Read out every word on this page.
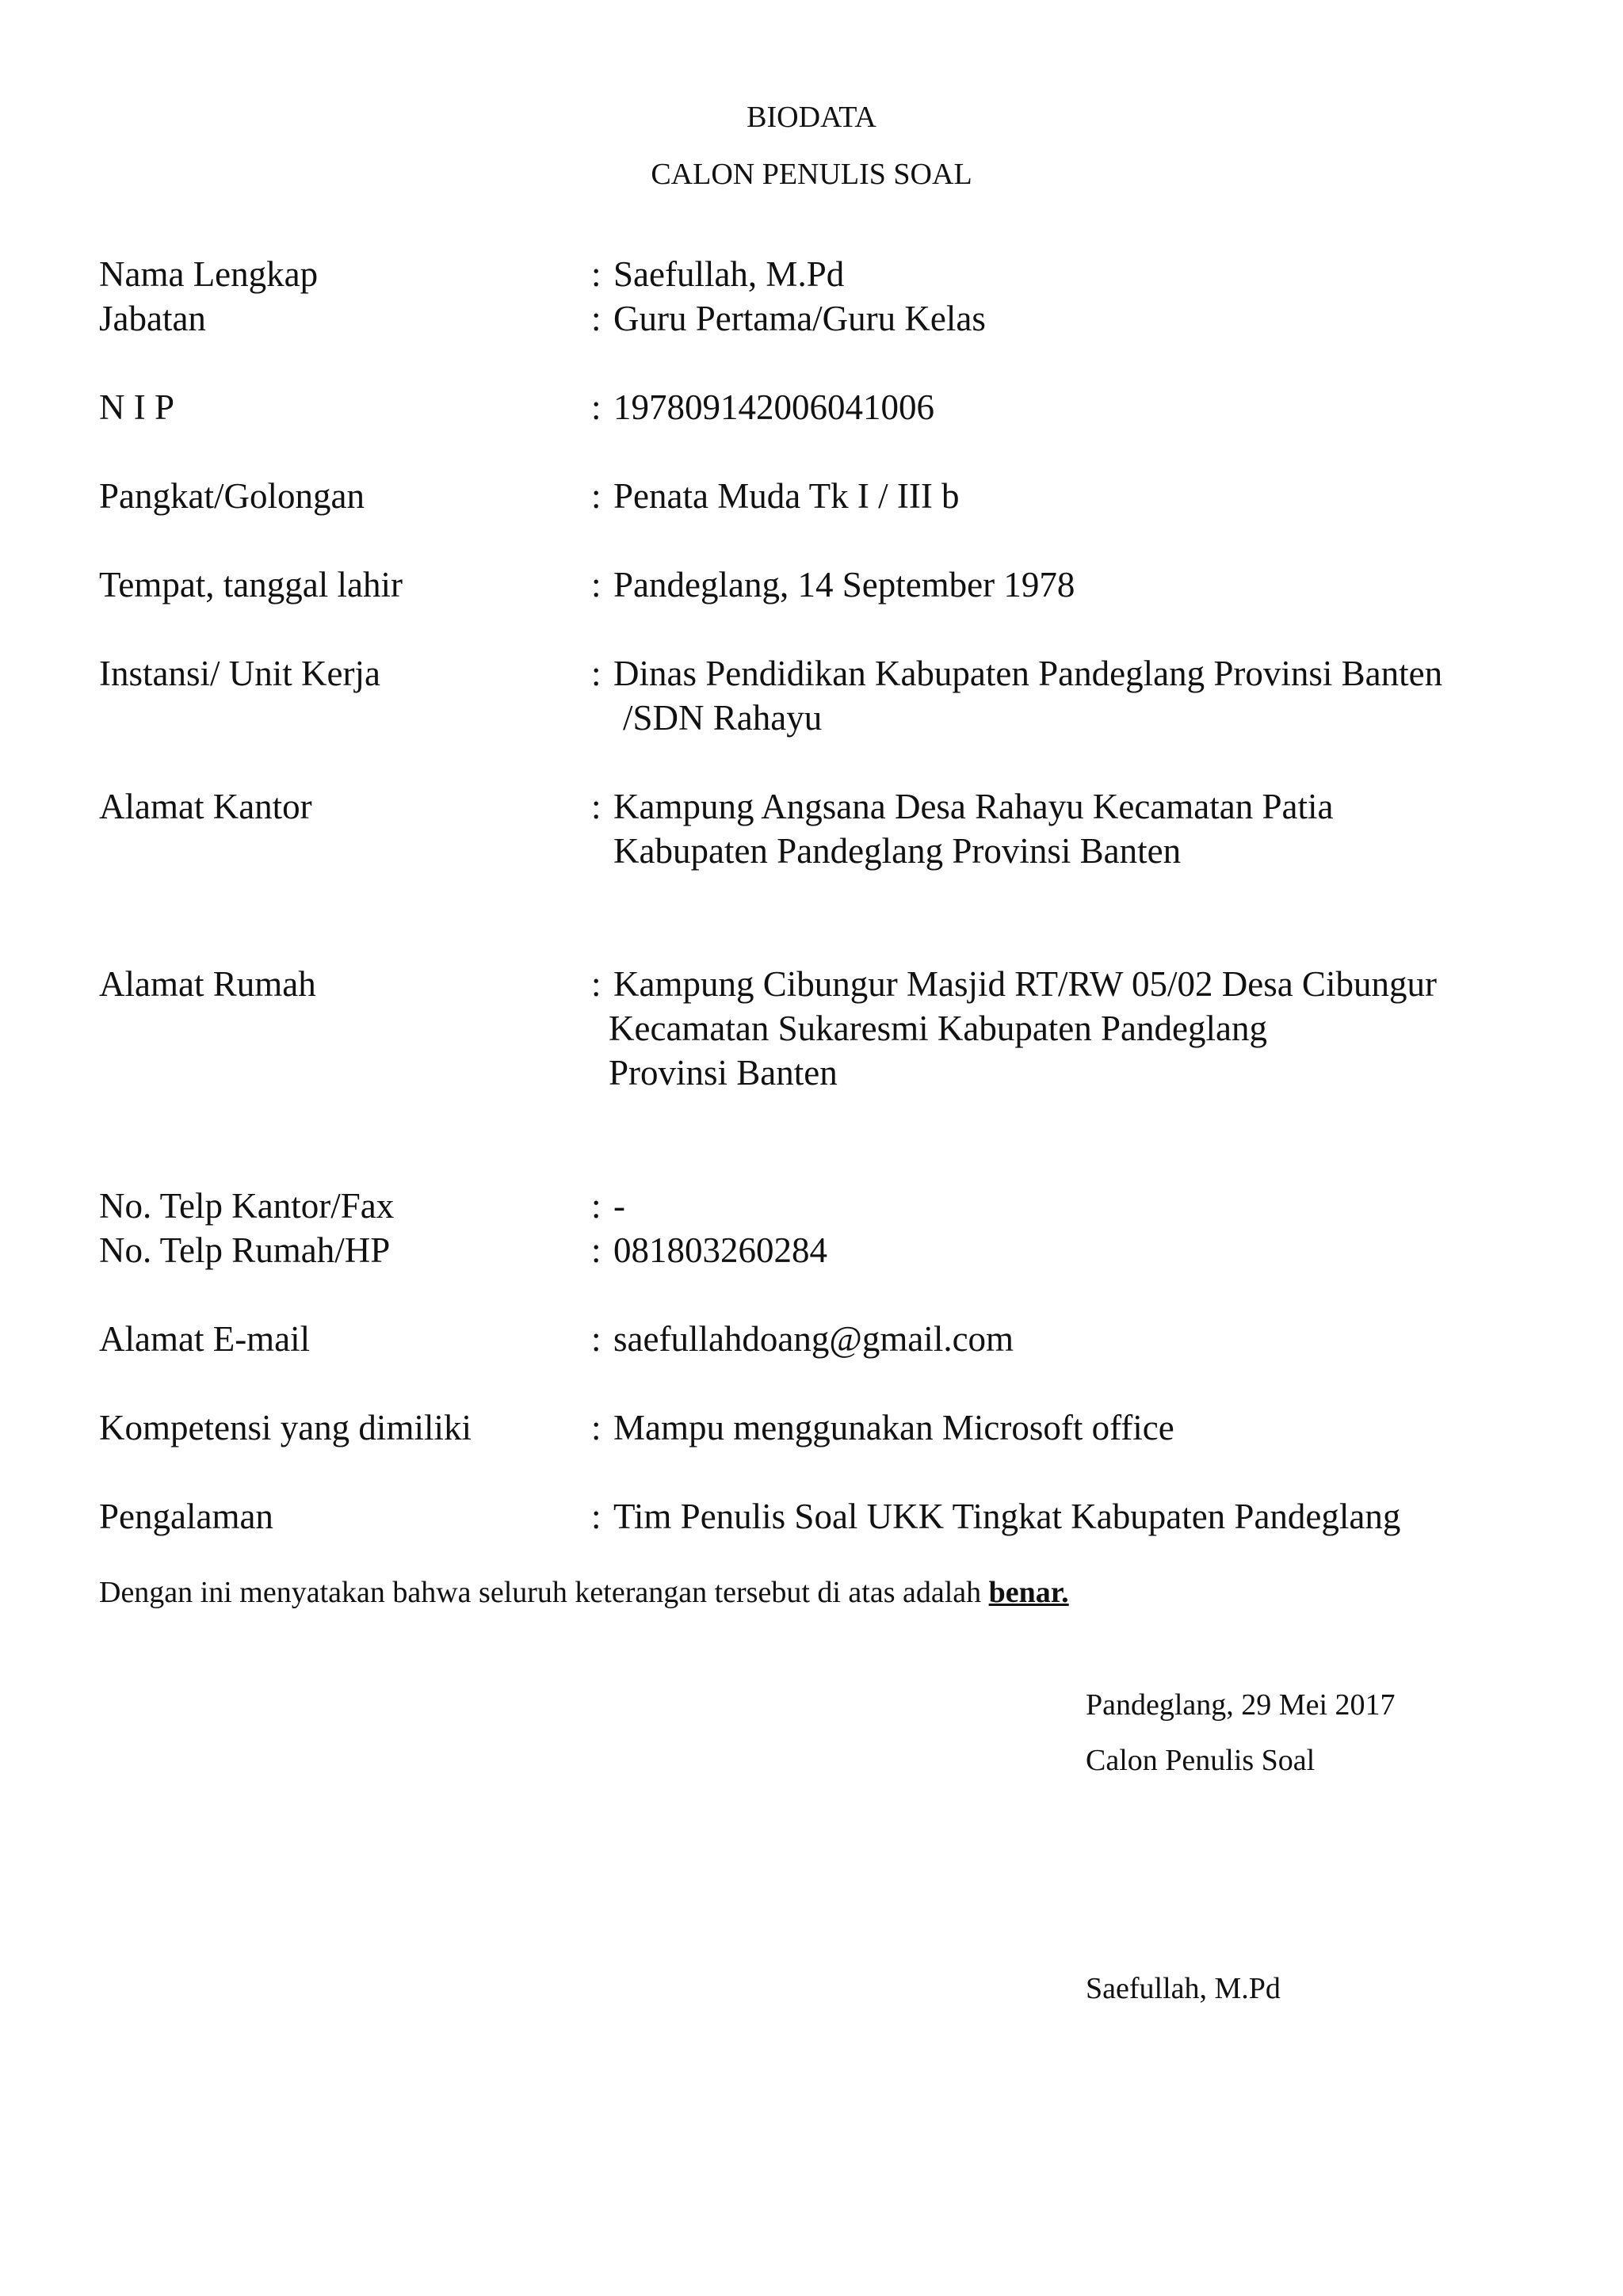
BIODATA
CALON PENULIS SOAL
Nama Lengkap	: Saefullah, M.Pd
Jabatan	: Guru Pertama/Guru Kelas
N I P	: 197809142006041006
Pangkat/Golongan	: Penata Muda Tk I / III b
Tempat, tanggal lahir	: Pandeglang, 14 September 1978
Instansi/ Unit Kerja	: Dinas Pendidikan Kabupaten Pandeglang Provinsi Banten
/SDN Rahayu
Alamat Kantor	: Kampung Angsana Desa Rahayu Kecamatan Patia
Kabupaten Pandeglang Provinsi Banten
Alamat Rumah	: Kampung Cibungur Masjid RT/RW 05/02 Desa Cibungur
Kecamatan Sukaresmi Kabupaten Pandeglang
Provinsi Banten
No. Telp Kantor/Fax	: -
No. Telp Rumah/HP	: 081803260284
Alamat E-mail	: saefullahdoang@gmail.com
Kompetensi yang dimiliki	: Mampu menggunakan Microsoft office
Pengalaman	: Tim Penulis Soal UKK Tingkat Kabupaten Pandeglang
Dengan ini menyatakan bahwa seluruh keterangan tersebut di atas adalah benar.
Pandeglang, 29 Mei 2017
Calon Penulis Soal
Saefullah, M.Pd
